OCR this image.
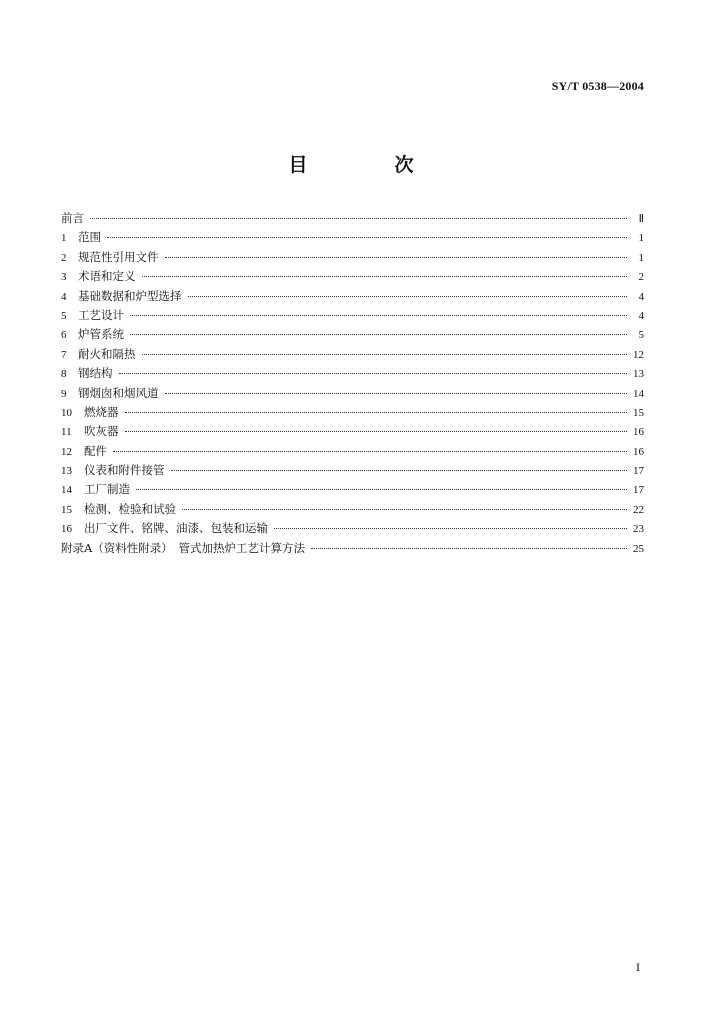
SY/T 0538—2004
目　次
前言	Ⅱ
1	范围	1
2	规范性引用文件	1
3	术语和定义	2
4	基础数据和炉型选择	4
5	工艺设计	4
6	炉管系统	5
7	耐火和隔热	12
8	钢结构	13
9	钢烟囱和烟风道	14
10	燃烧器	15
11	吹灰器	16
12	配件	16
13	仪表和附件接管	17
14	工厂制造	17
15	检测、检验和试验	22
16	出厂文件、铭牌、油漆、包装和运输	23
附录A（资料性附录）　管式加热炉工艺计算方法	25
I
